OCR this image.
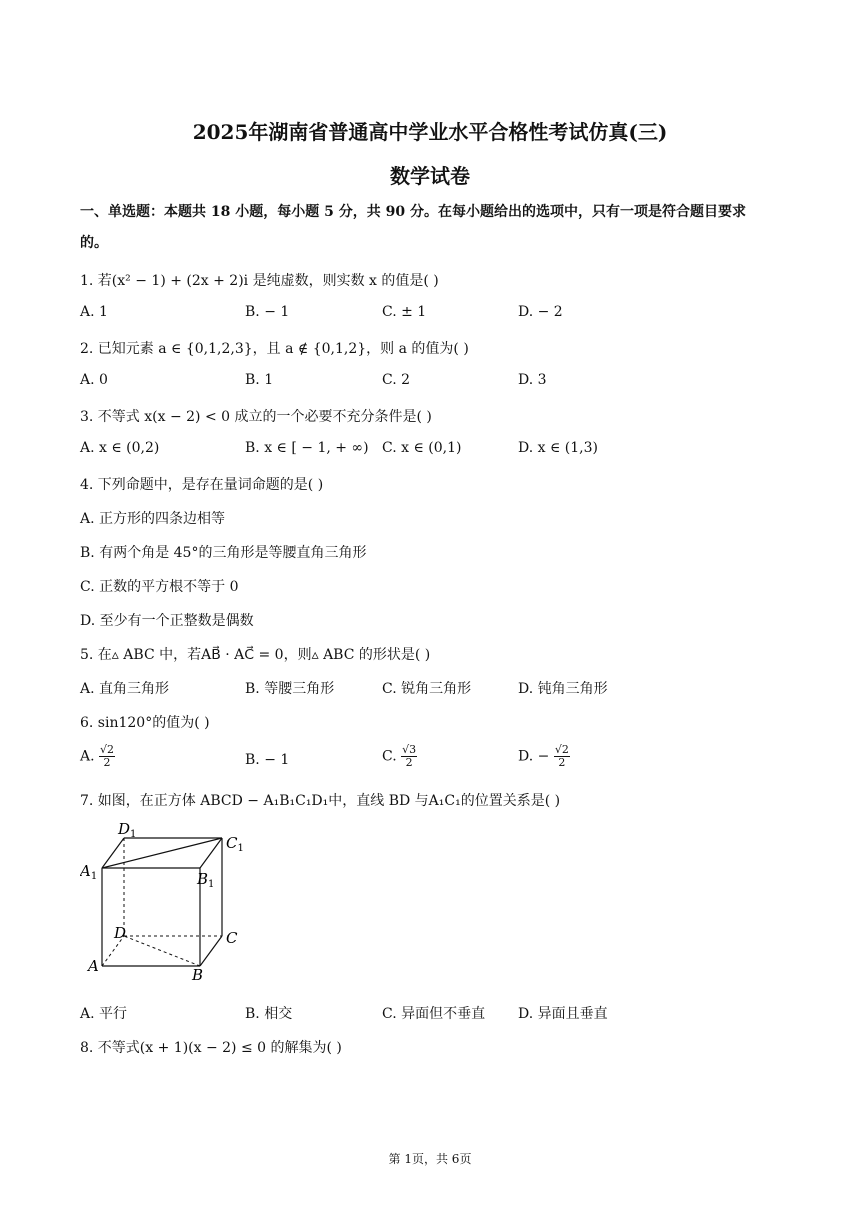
2025年湖南省普通高中学业水平合格性考试仿真(三)
数学试卷
一、单选题：本题共 18 小题，每小题 5 分，共 90 分。在每小题给出的选项中，只有一项是符合题目要求
的。
1. 若(x² − 1) + (2x + 2)i 是纯虚数，则实数 x 的值是( )
A. 1	B. − 1	C. ± 1	D. − 2
2. 已知元素 a ∈ {0,1,2,3}，且 a ∉ {0,1,2}，则 a 的值为( )
A. 0	B. 1	C. 2	D. 3
3. 不等式 x(x − 2) < 0 成立的一个必要不充分条件是( )
A. x ∈ (0,2)	B. x ∈ [ − 1, + ∞) C. x ∈ (0,1)	D. x ∈ (1,3)
4. 下列命题中，是存在量词命题的是( )
A. 正方形的四条边相等
B. 有两个角是 45°的三角形是等腰直角三角形
C. 正数的平方根不等于 0
D. 至少有一个正整数是偶数
5. 在▵ ABC 中，若AB⃗ · AC⃗ = 0，则▵ ABC 的形状是( )
A. 直角三角形	B. 等腰三角形	C. 锐角三角形	D. 钝角三角形
6. sin120°的值为( )
A. $\frac{√2}{2}$	B. − 1	C. $\frac{√3}{2}$	D. − $\frac{√2}{2}$
7. 如图，在正方体 ABCD − A₁B₁C₁D₁中，直线 BD 与A₁C₁的位置关系是( )
$D_1$	$C_1$
$A_1$	$B_1$
D	C
A	B
A. 平行	B. 相交	C. 异面但不垂直 D. 异面且垂直
8. 不等式(x + 1)(x − 2) ≤ 0 的解集为( )
第 1页，共 6页
